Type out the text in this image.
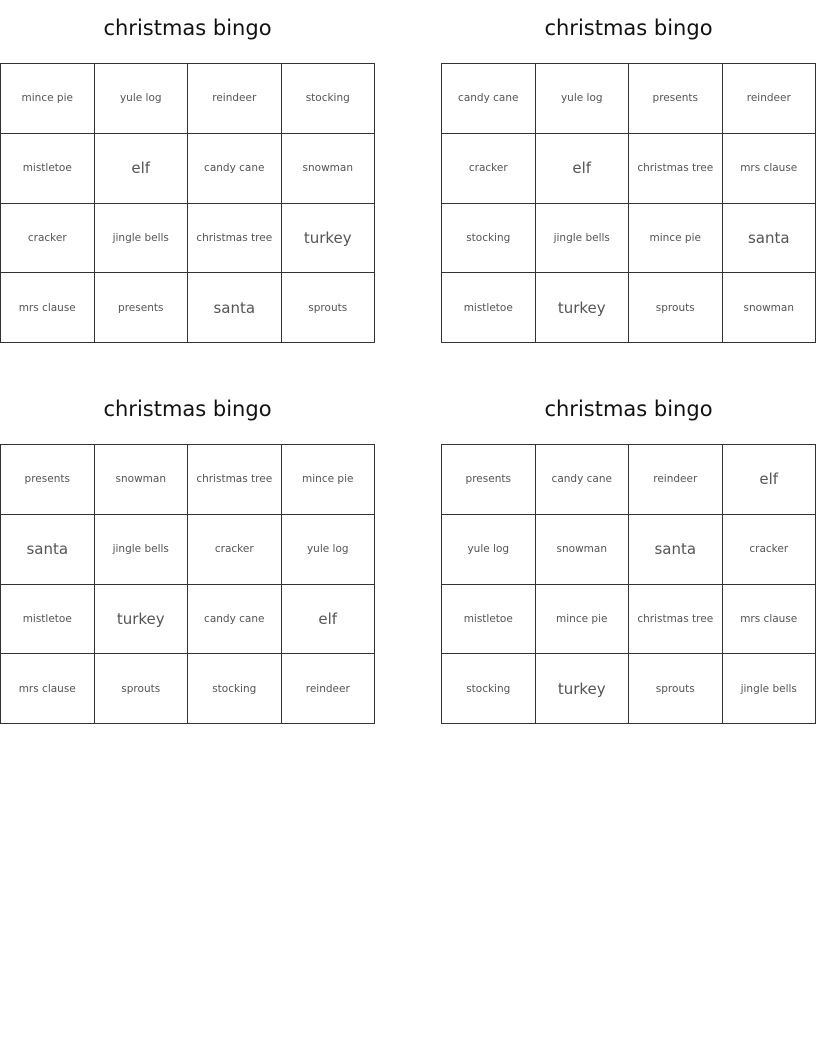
christmas bingo
mince pie	yule log	reindeer	stocking
mistletoe	elf	candy cane	snowman
cracker	jingle bells	christmas tree	turkey
mrs clause	presents	santa	sprouts
christmas bingo
candy cane	yule log	presents	reindeer
cracker	elf	christmas tree	mrs clause
stocking	jingle bells	mince pie	santa
mistletoe	turkey	sprouts	snowman
christmas bingo
presents	snowman	christmas tree	mince pie
santa	jingle bells	cracker	yule log
mistletoe	turkey	candy cane	elf
mrs clause	sprouts	stocking	reindeer
christmas bingo
presents	candy cane	reindeer	elf
yule log	snowman	santa	cracker
mistletoe	mince pie	christmas tree	mrs clause
stocking	turkey	sprouts	jingle bells
